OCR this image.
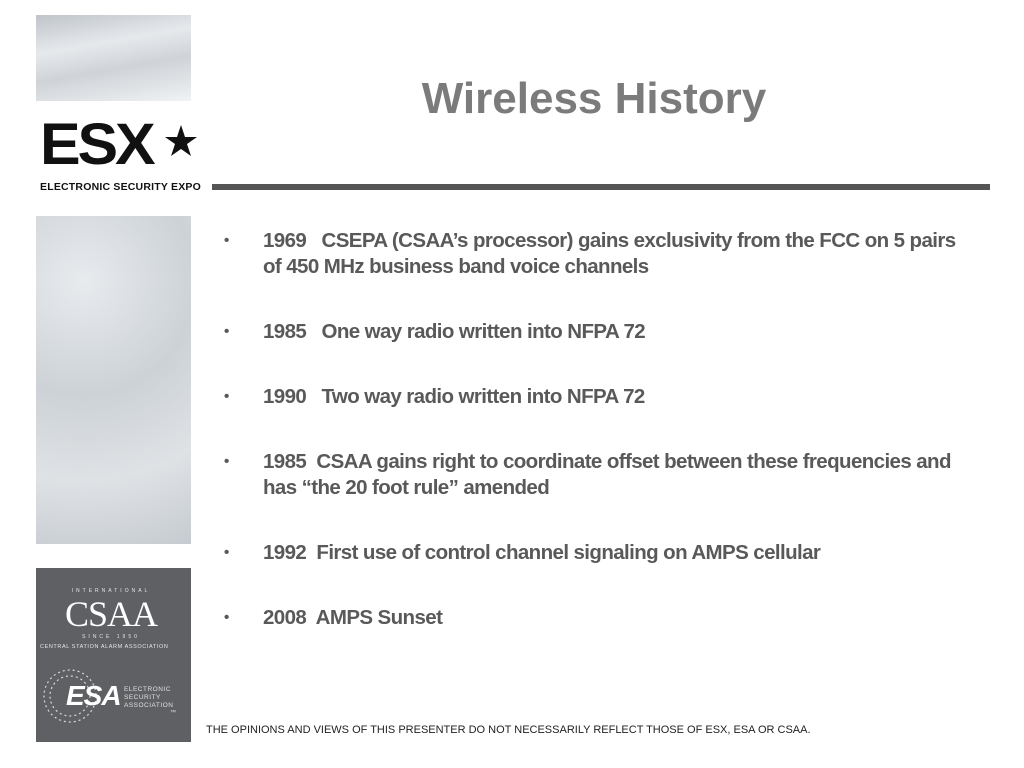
ESX
ELECTRONIC SECURITY EXPO
INTERNATIONAL
CSAA
SINCE 1950
CENTRAL STATION ALARM ASSOCIATION
ESA ELECTRONIC
SECURITY
ASSOCIATION
™
Wireless History
• 1969   CSEPA (CSAA’s processor) gains exclusivity from the FCC on 5 pairs of 450 MHz business band voice channels
• 1985   One way radio written into NFPA 72
• 1990   Two way radio written into NFPA 72
• 1985  CSAA gains right to coordinate offset between these frequencies and has “the 20 foot rule” amended
• 1992  First use of control channel signaling on AMPS cellular
• 2008  AMPS Sunset
THE OPINIONS AND VIEWS OF THIS PRESENTER DO NOT NECESSARILY REFLECT THOSE OF ESX, ESA OR CSAA.
